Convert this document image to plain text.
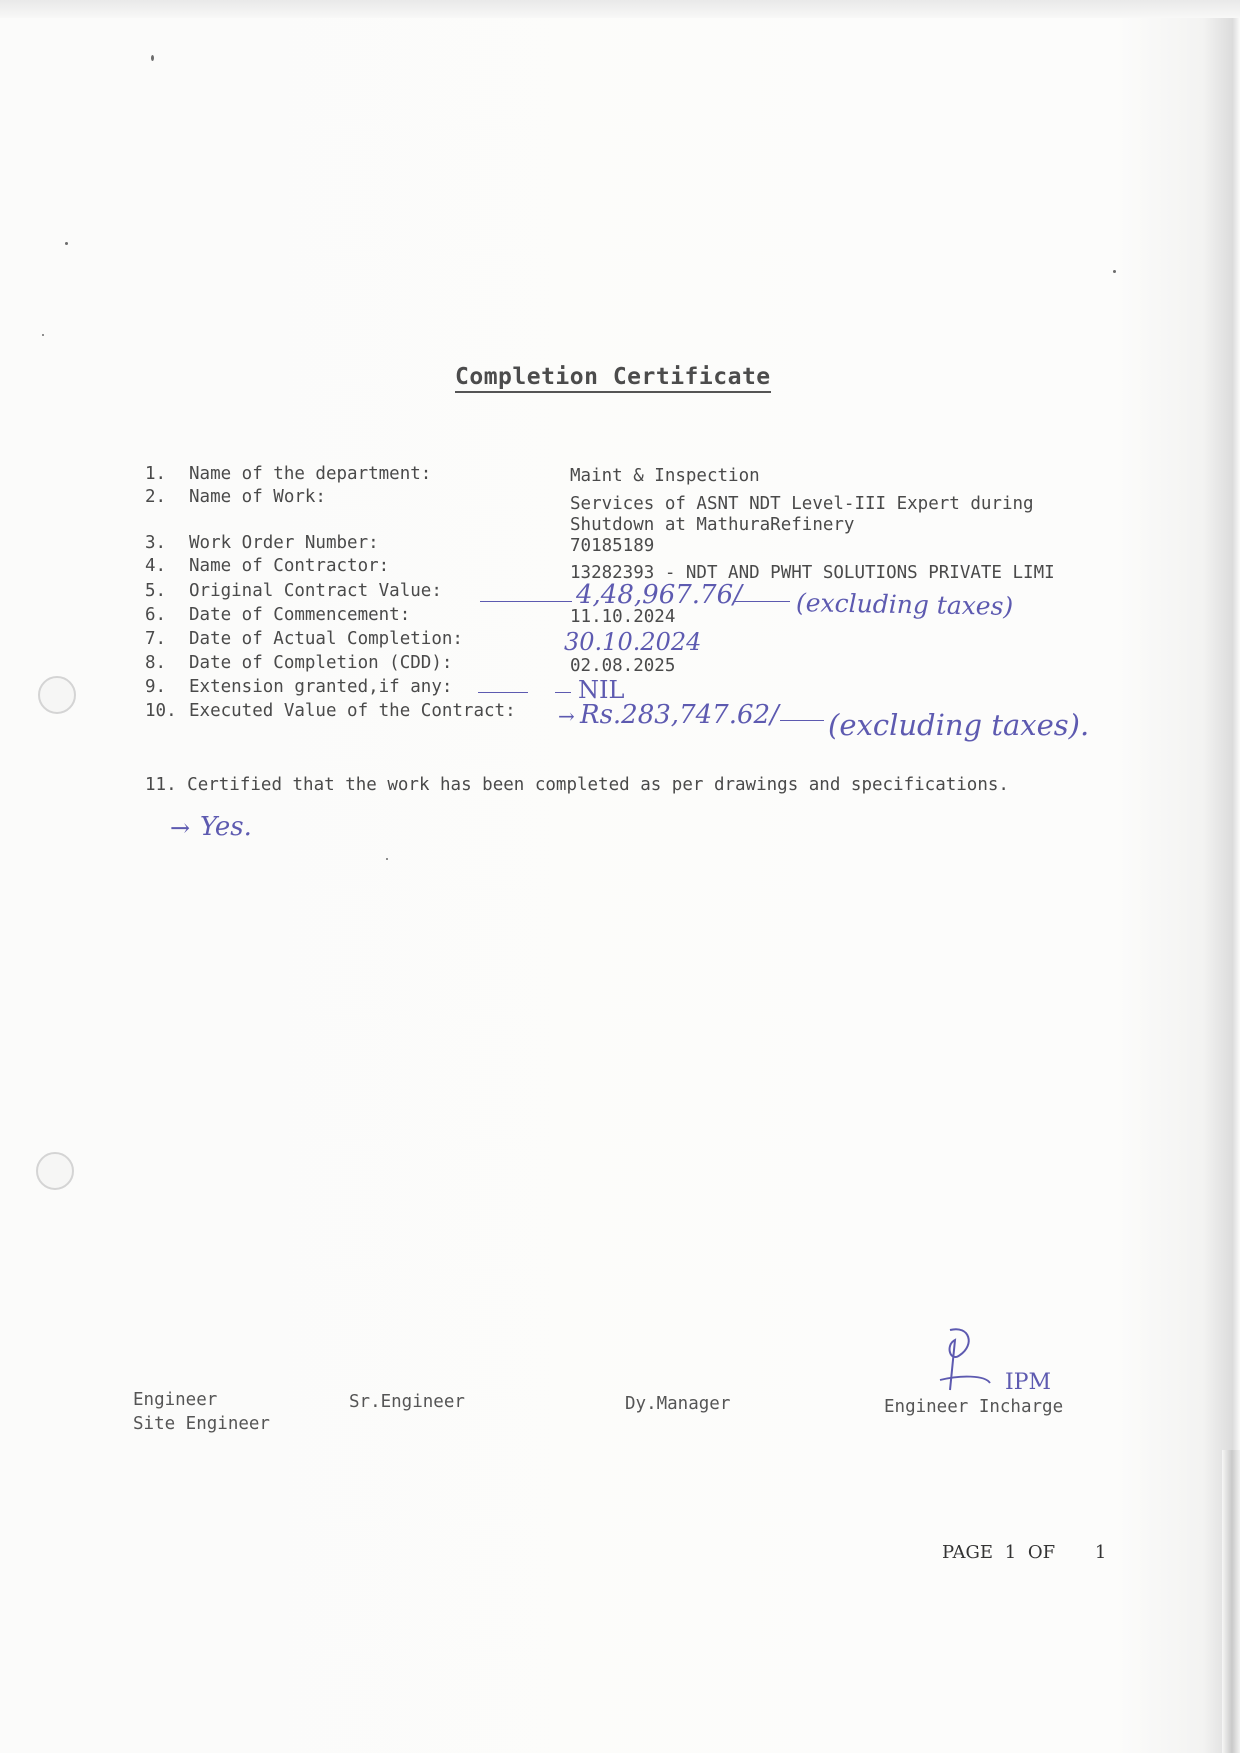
Completion Certificate
1. Name of the department:	Maint & Inspection
2. Name of Work:	Services of ASNT NDT Level-III Expert during
Shutdown at MathuraRefinery
3. Work Order Number:	70185189
4. Name of Contractor:	13282393 - NDT AND PWHT SOLUTIONS PRIVATE LIMI
5. Original Contract Value:	4,48,967.76/ (excluding taxes)
6. Date of Commencement:	11.10.2024
7. Date of Actual Completion:	30.10.2024
8. Date of Completion (CDD):	02.08.2025
9. Extension granted,if any:	NIL
10. Executed Value of the Contract: → Rs.283,747.62/ (excluding taxes).
11. Certified that the work has been completed as per drawings and specifications.
→ Yes.
Engineer
Site Engineer
Sr.Engineer	Dy.Manager
IPM
Engineer Incharge
PAGE 1 OF 1
